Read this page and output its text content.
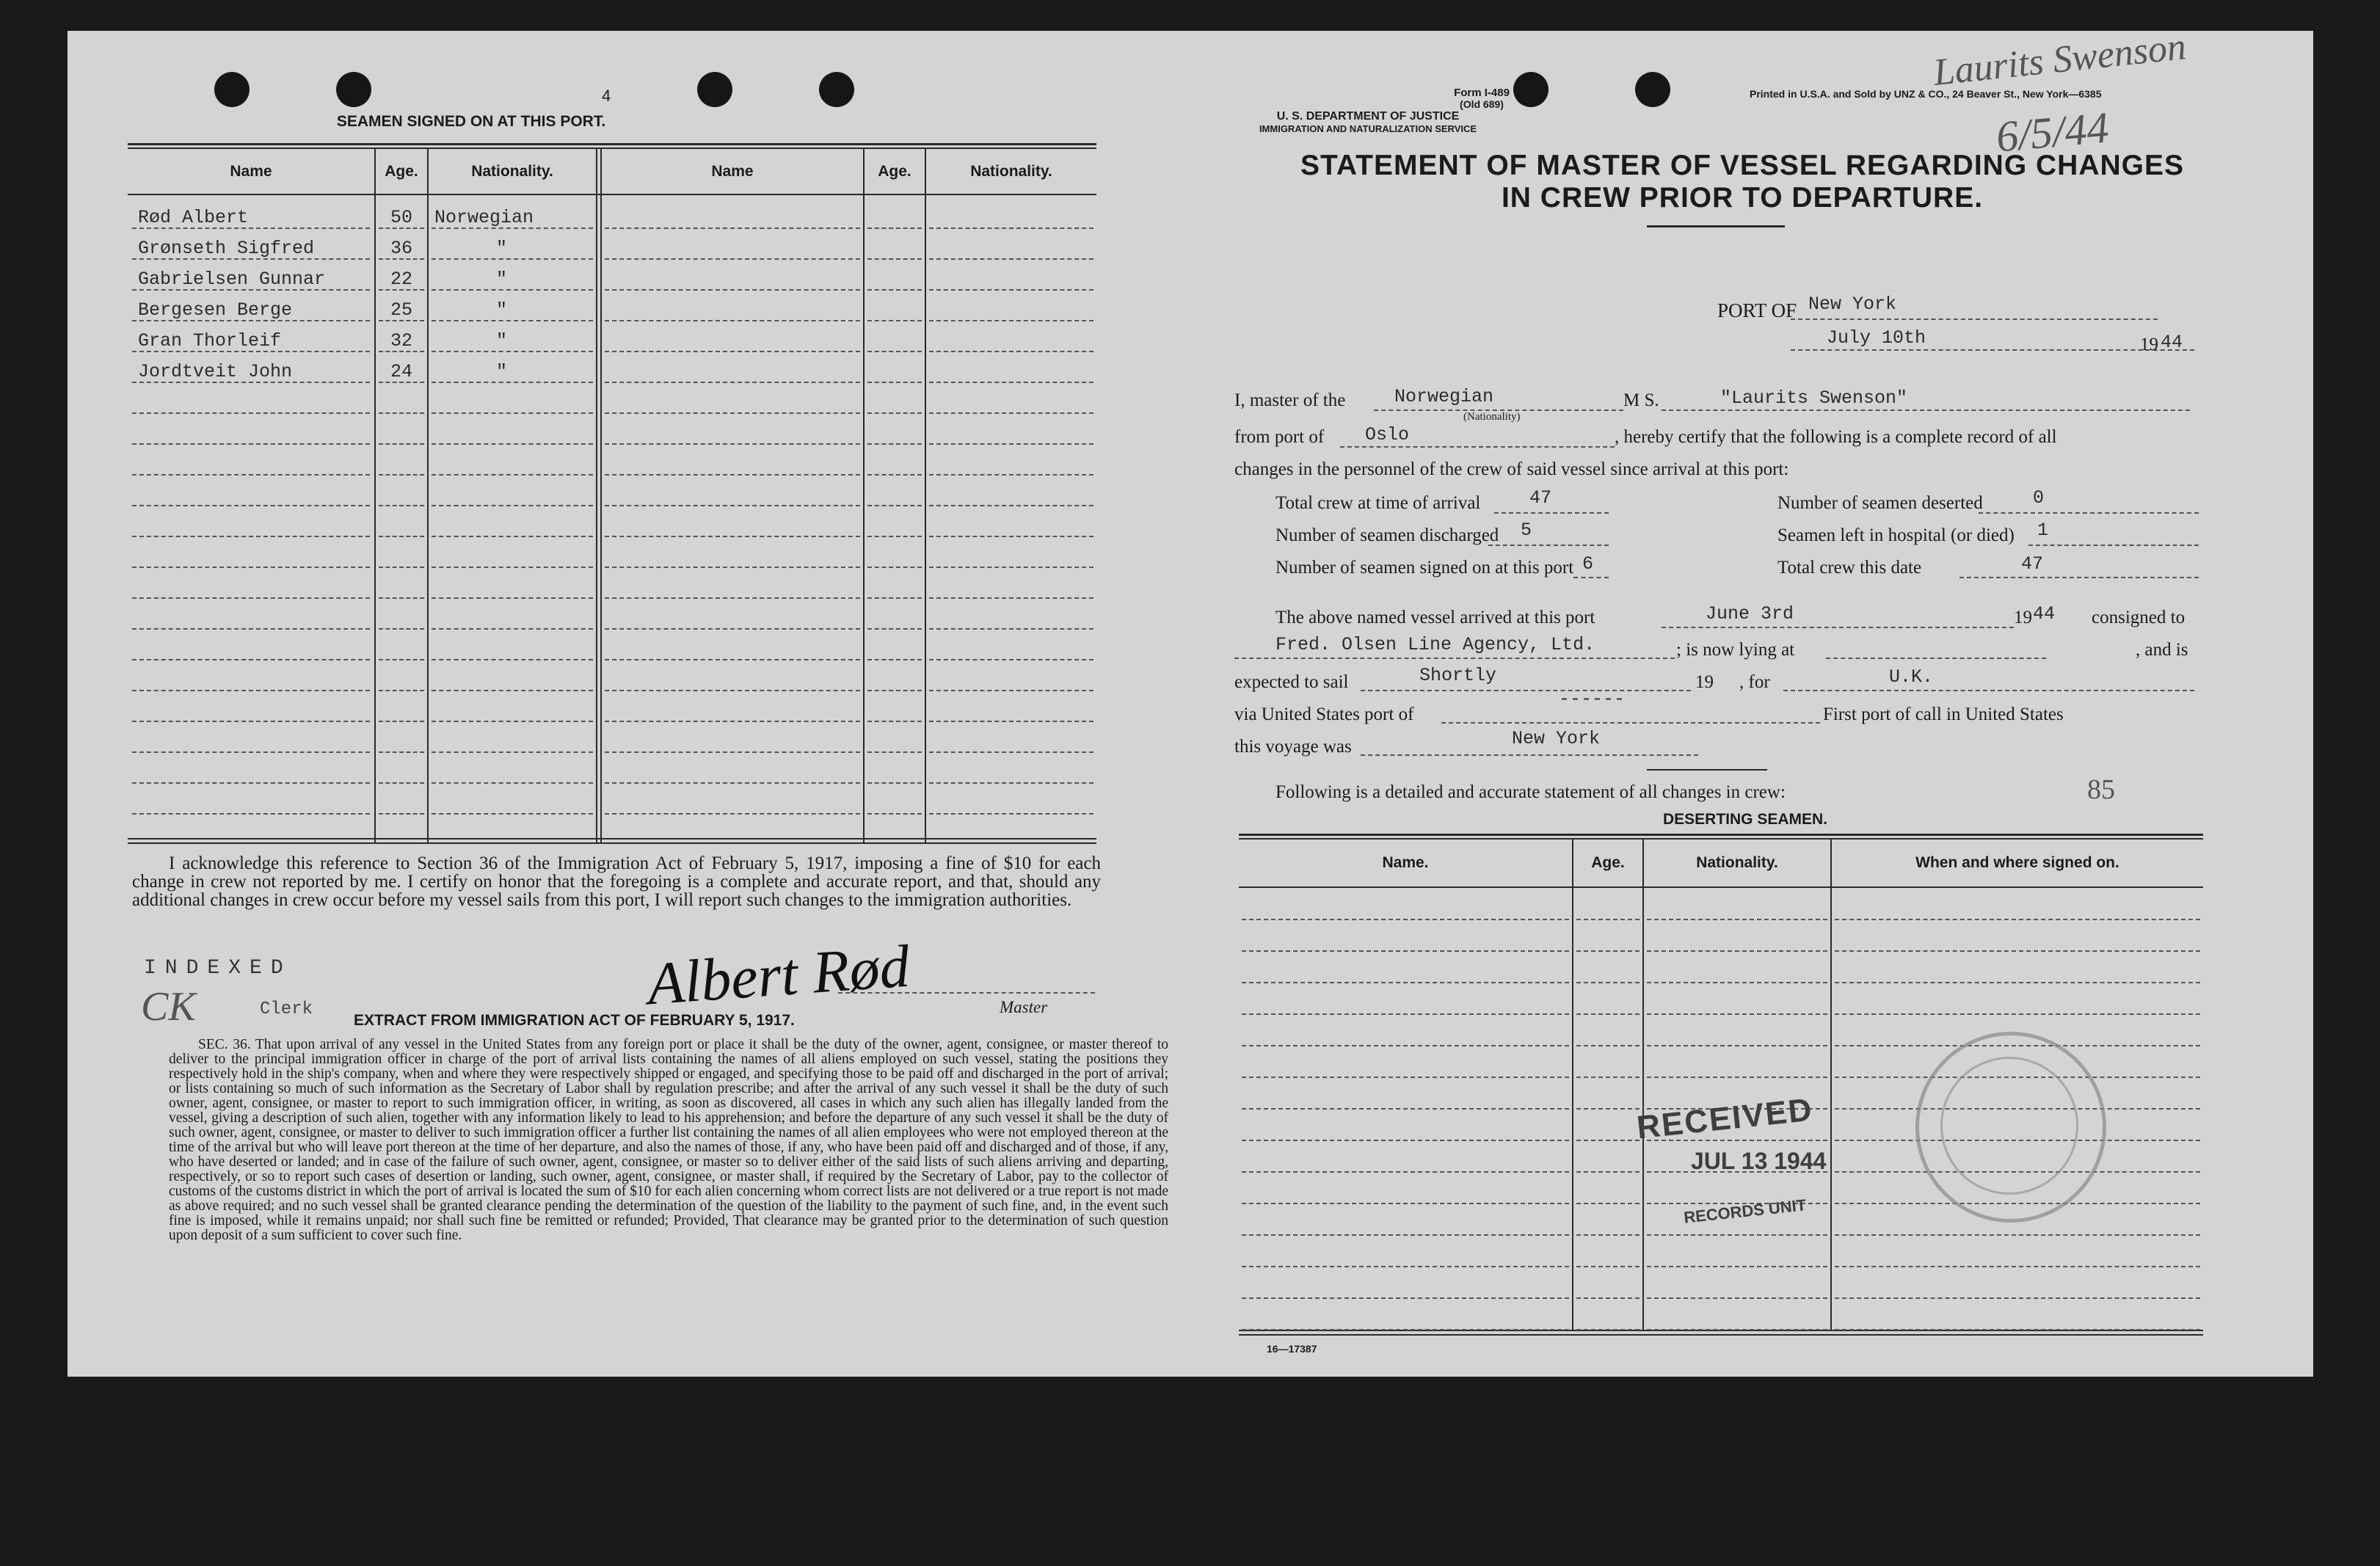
4
SEAMEN SIGNED ON AT THIS PORT.
Name	Age.	Nationality.	Name	Age.	Nationality.
Rød Albert	50 Norwegian
Grønseth Sigfred	36	"
Gabrielsen Gunnar	22	"
Bergesen Berge	25	"
Gran Thorleif	32	"
Jordtveit John	24	"
I acknowledge this reference to Section 36 of the Immigration Act of February 5, 1917, imposing a fine of $10 for each change in crew not reported by me. I certify on honor that the foregoing is a complete and accurate report, and that, should any additional changes in crew occur before my vessel sails from this port, I will report such changes to the immigration authorities.
INDEXED
CK	Clerk	Albert Rød	Master
EXTRACT FROM IMMIGRATION ACT OF FEBRUARY 5, 1917.
SEC. 36. That upon arrival of any vessel in the United States from any foreign port or place it shall be the duty of the owner, agent, consignee, or master thereof to deliver to the principal immigration officer in charge of the port of arrival lists containing the names of all aliens employed on such vessel, stating the positions they respectively hold in the ship's company, when and where they were respectively shipped or engaged, and specifying those to be paid off and discharged in the port of arrival; or lists containing so much of such information as the Secretary of Labor shall by regulation prescribe; and after the arrival of any such vessel it shall be the duty of such owner, agent, consignee, or master to report to such immigration officer, in writing, as soon as discovered, all cases in which any such alien has illegally landed from the vessel, giving a description of such alien, together with any information likely to lead to his apprehension; and before the departure of any such vessel it shall be the duty of such owner, agent, consignee, or master to deliver to such immigration officer a further list containing the names of all alien employees who were not employed thereon at the time of the arrival but who will leave port thereon at the time of her departure, and also the names of those, if any, who have been paid off and discharged and of those, if any, who have deserted or landed; and in case of the failure of such owner, agent, consignee, or master so to deliver either of the said lists of such aliens arriving and departing, respectively, or so to report such cases of desertion or landing, such owner, agent, consignee, or master shall, if required by the Secretary of Labor, pay to the collector of customs of the customs district in which the port of arrival is located the sum of $10 for each alien concerning whom correct lists are not delivered or a true report is not made as above required; and no such vessel shall be granted clearance pending the determination of the question of the liability to the payment of such fine, and, in the event such fine is imposed, while it remains unpaid; nor shall such fine be remitted or refunded; Provided, That clearance may be granted prior to the determination of such question upon deposit of a sum sufficient to cover such fine.
Form I-489
(Old 689)
U. S. DEPARTMENT OF JUSTICE
IMMIGRATION AND NATURALIZATION SERVICE
Printed in U.S.A. and Sold by UNZ & CO., 24 Beaver St., New York—6385
Laurits Swenson
6/5/44
STATEMENT OF MASTER OF VESSEL REGARDING CHANGES
IN CREW PRIOR TO DEPARTURE.
PORT OF New York
July 10th	19 44
I, master of the	Norwegian
(Nationality)
M S.	"Laurits Swenson"
from port of Oslo	, hereby certify that the following is a complete record of all
changes in the personnel of the crew of said vessel since arrival at this port:
Total crew at time of arrival	47
Number of seamen discharged 5
Number of seamen signed on at this port 6
Number of seamen deserted	0
Seamen left in hospital (or died) 1
Total crew this date	47
The above named vessel arrived at this port	June 3rd	19 44 consigned to
Fred. Olsen Line Agency, Ltd.	; is now lying at	, and is
expected to sail	Shortly	19 , for	U.K.
via United States port of
------
First port of call in United States
this voyage was	New York
Following is a detailed and accurate statement of all changes in crew:	85
DESERTING SEAMEN.
Name.	Age.	Nationality.	When and where signed on.
RECEIVED
JUL 13 1944
RECORDS UNIT
16—17387
